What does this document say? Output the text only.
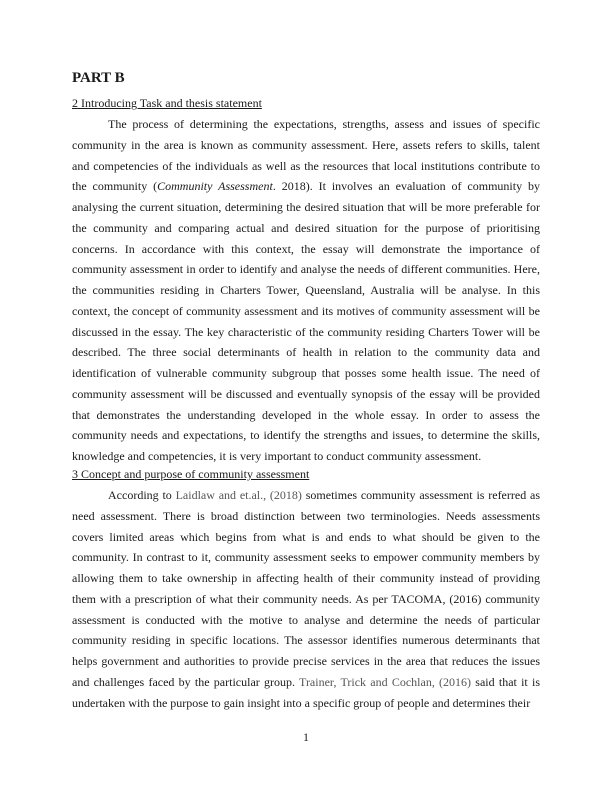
PART B
2 Introducing Task and thesis statement

The process of determining the expectations, strengths, assess and issues of specific community in the area is known as community assessment. Here, assets refers to skills, talent and competencies of the individuals as well as the resources that local institutions contribute to the community (Community Assessment. 2018). It involves an evaluation of community by analysing the current situation, determining the desired situation that will be more preferable for the community and comparing actual and desired situation for the purpose of prioritising concerns. In accordance with this context, the essay will demonstrate the importance of community assessment in order to identify and analyse the needs of different communities. Here, the communities residing in Charters Tower, Queensland, Australia will be analyse. In this context, the concept of community assessment and its motives of community assessment will be discussed in the essay. The key characteristic of the community residing Charters Tower will be described. The three social determinants of health in relation to the community data and identification of vulnerable community subgroup that posses some health issue. The need of community assessment will be discussed and eventually synopsis of the essay will be provided that demonstrates the understanding developed in the whole essay. In order to assess the community needs and expectations, to identify the strengths and issues, to determine the skills, knowledge and competencies, it is very important to conduct community assessment.

3 Concept and purpose of community assessment

According to Laidlaw and et.al., (2018) sometimes community assessment is referred as need assessment. There is broad distinction between two terminologies. Needs assessments covers limited areas which begins from what is and ends to what should be given to the community. In contrast to it, community assessment seeks to empower community members by allowing them to take ownership in affecting health of their community instead of providing them with a prescription of what their community needs. As per TACOMA, (2016) community assessment is conducted with the motive to analyse and determine the needs of particular community residing in specific locations. The assessor identifies numerous determinants that helps government and authorities to provide precise services in the area that reduces the issues and challenges faced by the particular group. Trainer, Trick and Cochlan, (2016) said that it is undertaken with the purpose to gain insight into a specific group of people and determines their

1
